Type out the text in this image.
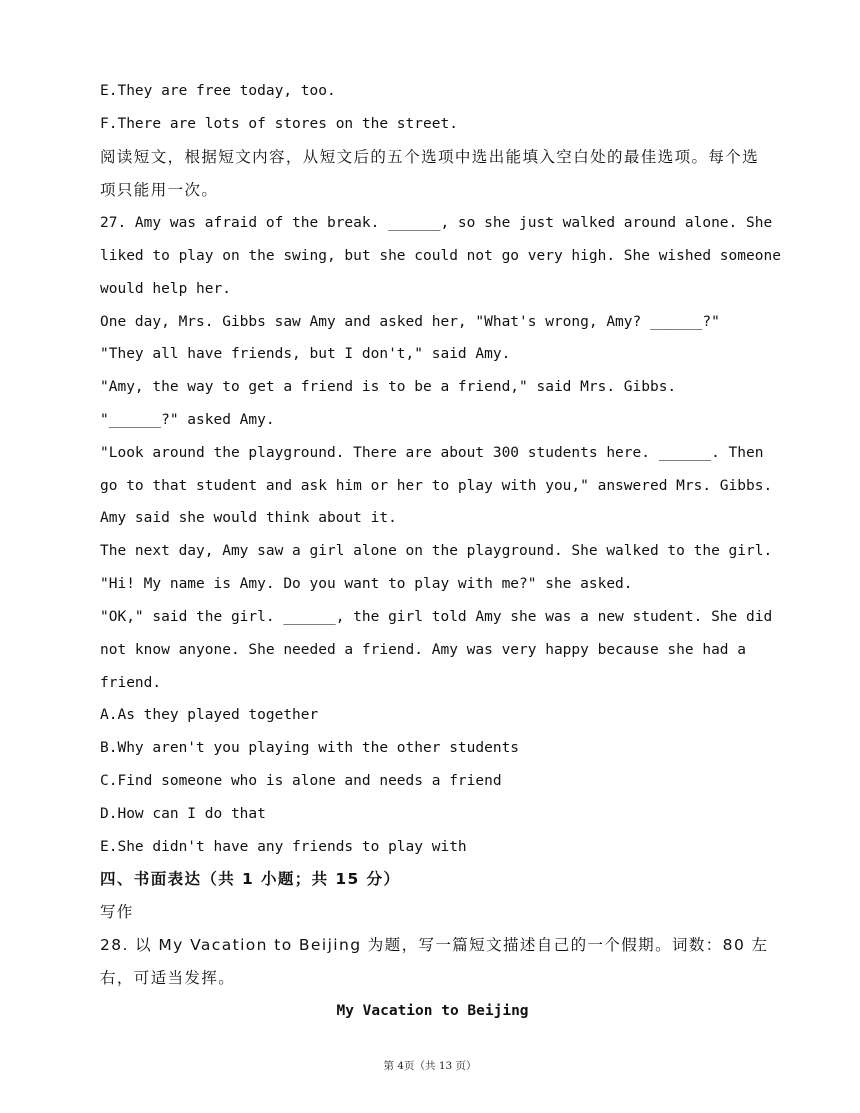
E.They are free today, too.
F.There are lots of stores on the street.
阅读短文，根据短文内容，从短文后的五个选项中选出能填入空白处的最佳选项。每个选
项只能用一次。
27. Amy was afraid of the break. ______, so she just walked around alone. She
liked to play on the swing, but she could not go very high. She wished someone
would help her.
One day, Mrs. Gibbs saw Amy and asked her, "What's wrong, Amy? ______?"
"They all have friends, but I don't," said Amy.
"Amy, the way to get a friend is to be a friend," said Mrs. Gibbs.
"______?" asked Amy.
"Look around the playground. There are about 300 students here. ______. Then
go to that student and ask him or her to play with you," answered Mrs. Gibbs.
Amy said she would think about it.
The next day, Amy saw a girl alone on the playground. She walked to the girl.
"Hi! My name is Amy. Do you want to play with me?" she asked.
"OK," said the girl. ______, the girl told Amy she was a new student. She did
not know anyone. She needed a friend. Amy was very happy because she had a
friend.
A.As they played together
B.Why aren't you playing with the other students
C.Find someone who is alone and needs a friend
D.How can I do that
E.She didn't have any friends to play with
四、书面表达（共 1 小题；共 15 分）
写作
28. 以 My Vacation to Beijing 为题，写一篇短文描述自己的一个假期。词数：80 左
右，可适当发挥。
My Vacation to Beijing
第 4页（共 13 页）
